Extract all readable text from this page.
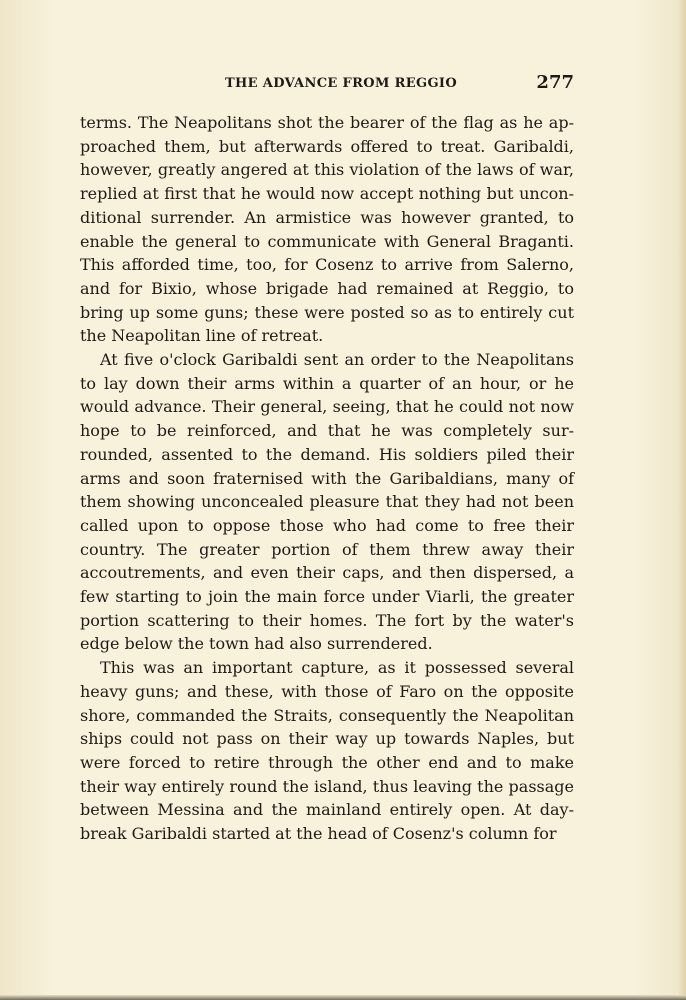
THE ADVANCE FROM REGGIO	277

terms. The Neapolitans shot the bearer of the flag as he approached them, but afterwards offered to treat. Garibaldi, however, greatly angered at this violation of the laws of war, replied at first that he would now accept nothing but unconditional surrender. An armistice was however granted, to enable the general to communicate with General Braganti. This afforded time, too, for Cosenz to arrive from Salerno, and for Bixio, whose brigade had remained at Reggio, to bring up some guns; these were posted so as to entirely cut the Neapolitan line of retreat.

At five o'clock Garibaldi sent an order to the Neapolitans to lay down their arms within a quarter of an hour, or he would advance. Their general, seeing, that he could not now hope to be reinforced, and that he was completely surrounded, assented to the demand. His soldiers piled their arms and soon fraternised with the Garibaldians, many of them showing unconcealed pleasure that they had not been called upon to oppose those who had come to free their country. The greater portion of them threw away their accoutrements, and even their caps, and then dispersed, a few starting to join the main force under Viarli, the greater portion scattering to their homes. The fort by the water's edge below the town had also surrendered.

This was an important capture, as it possessed several heavy guns; and these, with those of Faro on the opposite shore, commanded the Straits, consequently the Neapolitan ships could not pass on their way up towards Naples, but were forced to retire through the other end and to make their way entirely round the island, thus leaving the passage between Messina and the mainland entirely open. At daybreak Garibaldi started at the head of Cosenz's column for
